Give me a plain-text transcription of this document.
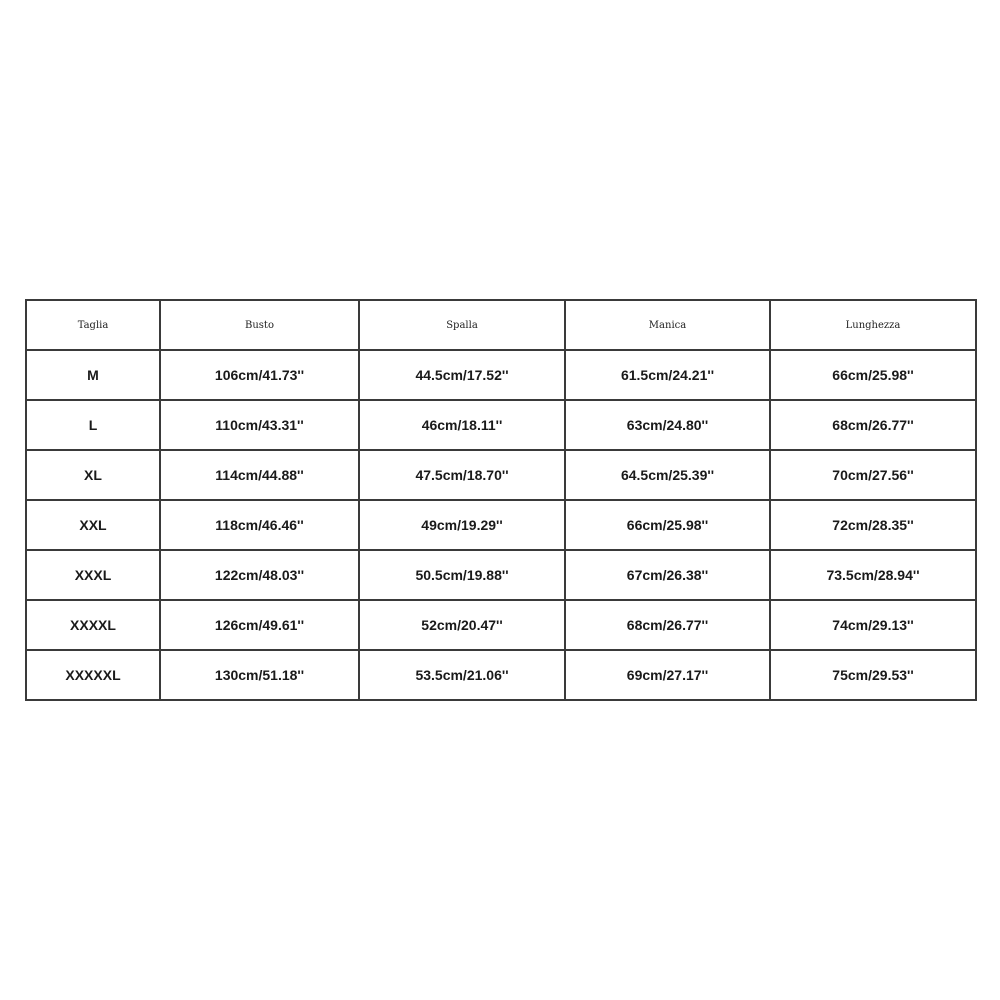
Taglia	Busto	Spalla	Manica	Lunghezza
M	106cm/41.73''	44.5cm/17.52''	61.5cm/24.21''	66cm/25.98''
L	110cm/43.31''	46cm/18.11''	63cm/24.80''	68cm/26.77''
XL	114cm/44.88''	47.5cm/18.70''	64.5cm/25.39''	70cm/27.56''
XXL	118cm/46.46''	49cm/19.29''	66cm/25.98''	72cm/28.35''
XXXL	122cm/48.03''	50.5cm/19.88''	67cm/26.38''	73.5cm/28.94''
XXXXL	126cm/49.61''	52cm/20.47''	68cm/26.77''	74cm/29.13''
XXXXXL	130cm/51.18''	53.5cm/21.06''	69cm/27.17''	75cm/29.53''
